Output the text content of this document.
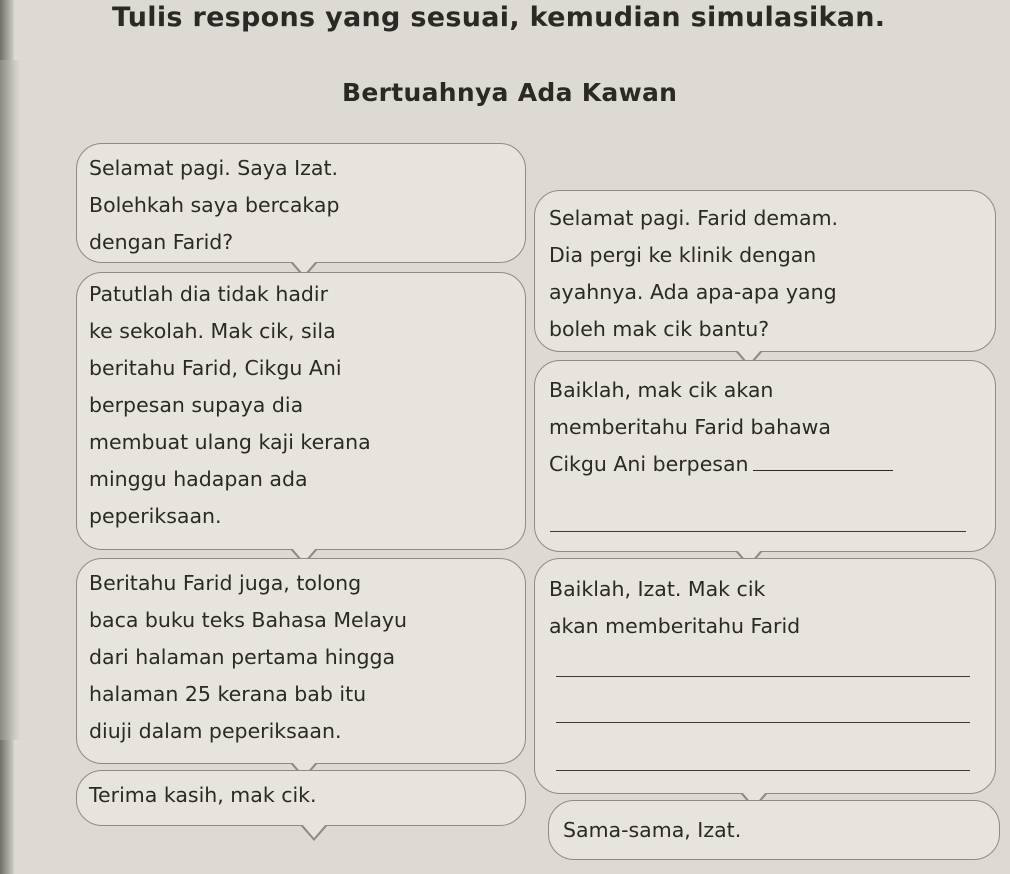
Tulis respons yang sesuai, kemudian simulasikan.
Bertuahnya Ada Kawan
Selamat pagi. Saya Izat.
Bolehkah saya bercakap
dengan Farid?
Selamat pagi. Farid demam.
Dia pergi ke klinik dengan
ayahnya. Ada apa-apa yang
boleh mak cik bantu?
Patutlah dia tidak hadir
ke sekolah. Mak cik, sila
beritahu Farid, Cikgu Ani
berpesan supaya dia
membuat ulang kaji kerana
minggu hadapan ada
peperiksaan.
Baiklah, mak cik akan
memberitahu Farid bahawa
Cikgu Ani berpesan
Beritahu Farid juga, tolong
baca buku teks Bahasa Melayu
dari halaman pertama hingga
halaman 25 kerana bab itu
diuji dalam peperiksaan.
Baiklah, Izat. Mak cik
akan memberitahu Farid
Terima kasih, mak cik.
Sama-sama, Izat.
